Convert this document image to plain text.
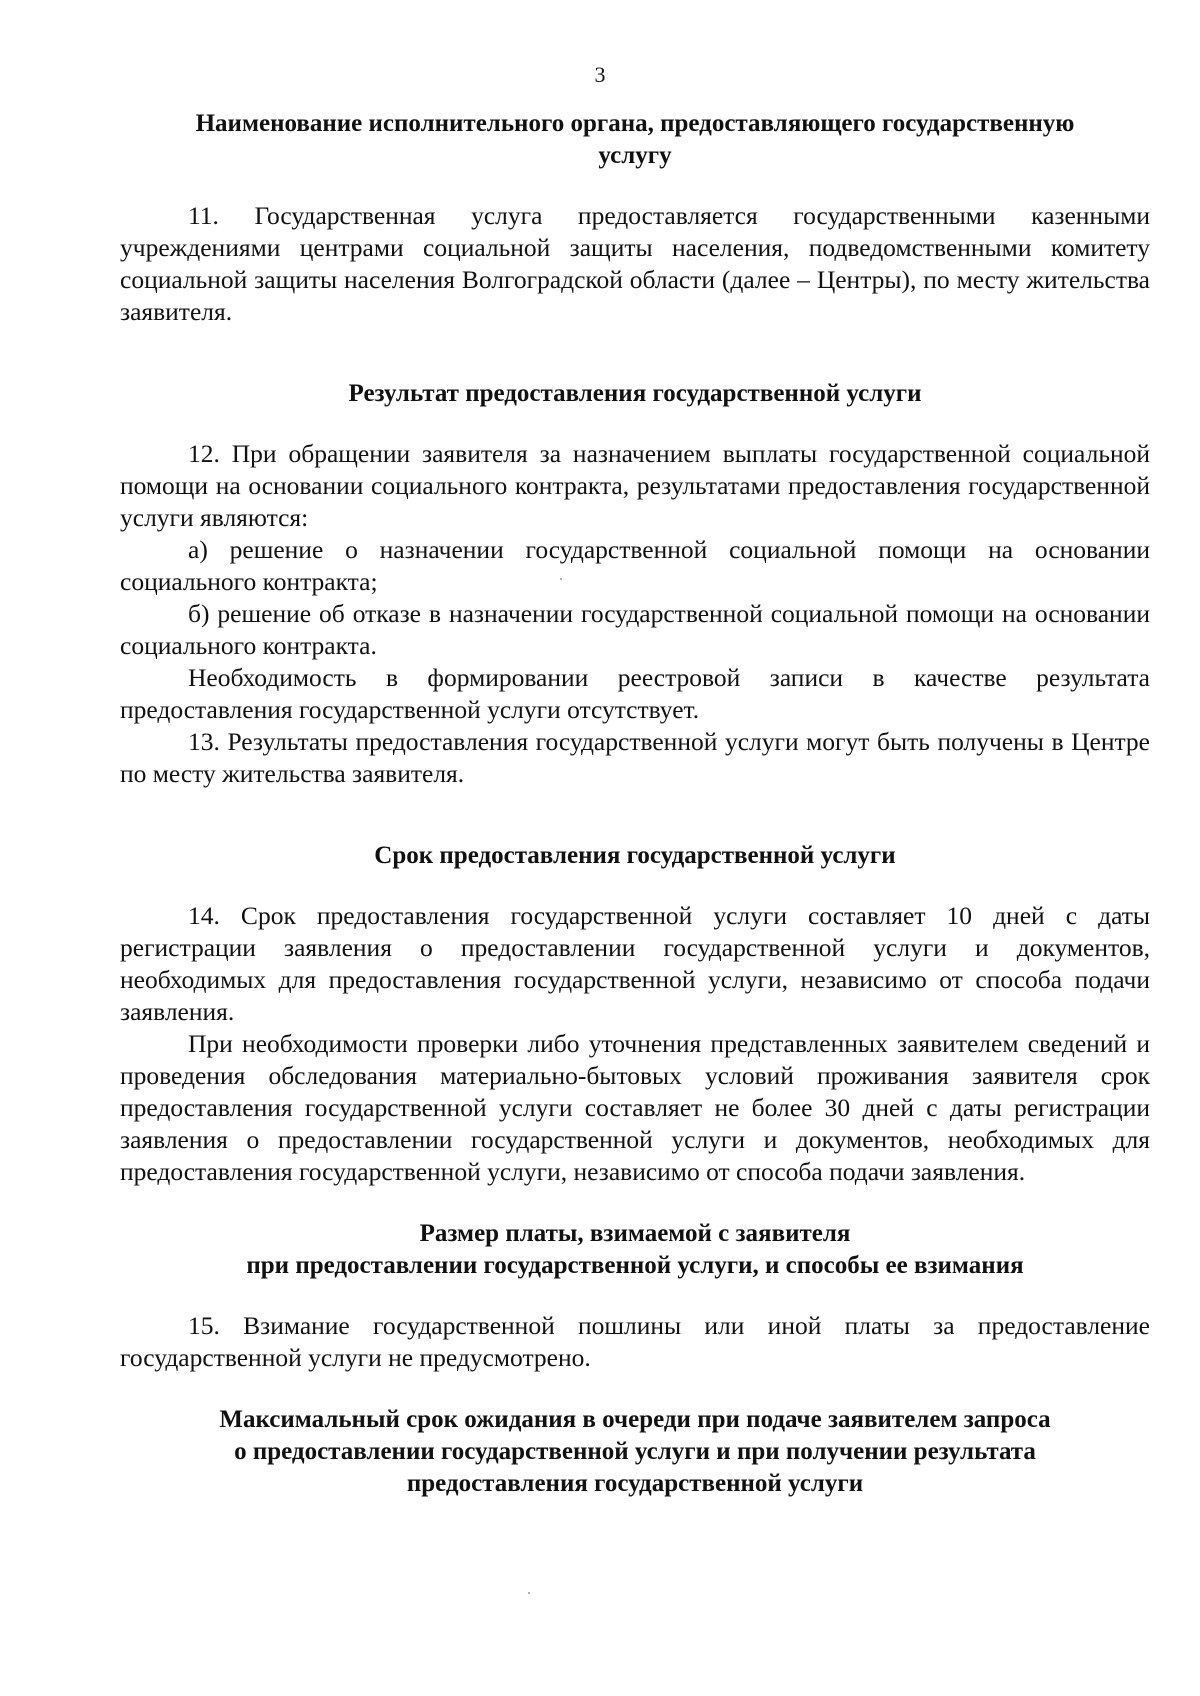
3
Наименование исполнительного органа, предоставляющего государственную
услугу

11. Государственная услуга предоставляется государственными казенными учреждениями центрами социальной защиты населения, подведомственными комитету социальной защиты населения Волгоградской области (далее – Центры), по месту жительства заявителя.

Результат предоставления государственной услуги

12. При обращении заявителя за назначением выплаты государственной социальной помощи на основании социального контракта, результатами предоставления государственной услуги являются:

а) решение о назначении государственной социальной помощи на основании социального контракта;

б) решение об отказе в назначении государственной социальной помощи на основании социального контракта.

Необходимость в формировании реестровой записи в качестве результата предоставления государственной услуги отсутствует.

13. Результаты предоставления государственной услуги могут быть получены в Центре по месту жительства заявителя.

Срок предоставления государственной услуги

14. Срок предоставления государственной услуги составляет 10 дней с даты регистрации заявления о предоставлении государственной услуги и документов, необходимых для предоставления государственной услуги, независимо от способа подачи заявления.

При необходимости проверки либо уточнения представленных заявителем сведений и проведения обследования материально-бытовых условий проживания заявителя срок предоставления государственной услуги составляет не более 30 дней с даты регистрации заявления о предоставлении государственной услуги и документов, необходимых для предоставления государственной услуги, независимо от способа подачи заявления.

Размер платы, взимаемой с заявителя
при предоставлении государственной услуги, и способы ее взимания

15. Взимание государственной пошлины или иной платы за предоставление государственной услуги не предусмотрено.

Максимальный срок ожидания в очереди при подаче заявителем запроса
о предоставлении государственной услуги и при получении результата
предоставления государственной услуги
